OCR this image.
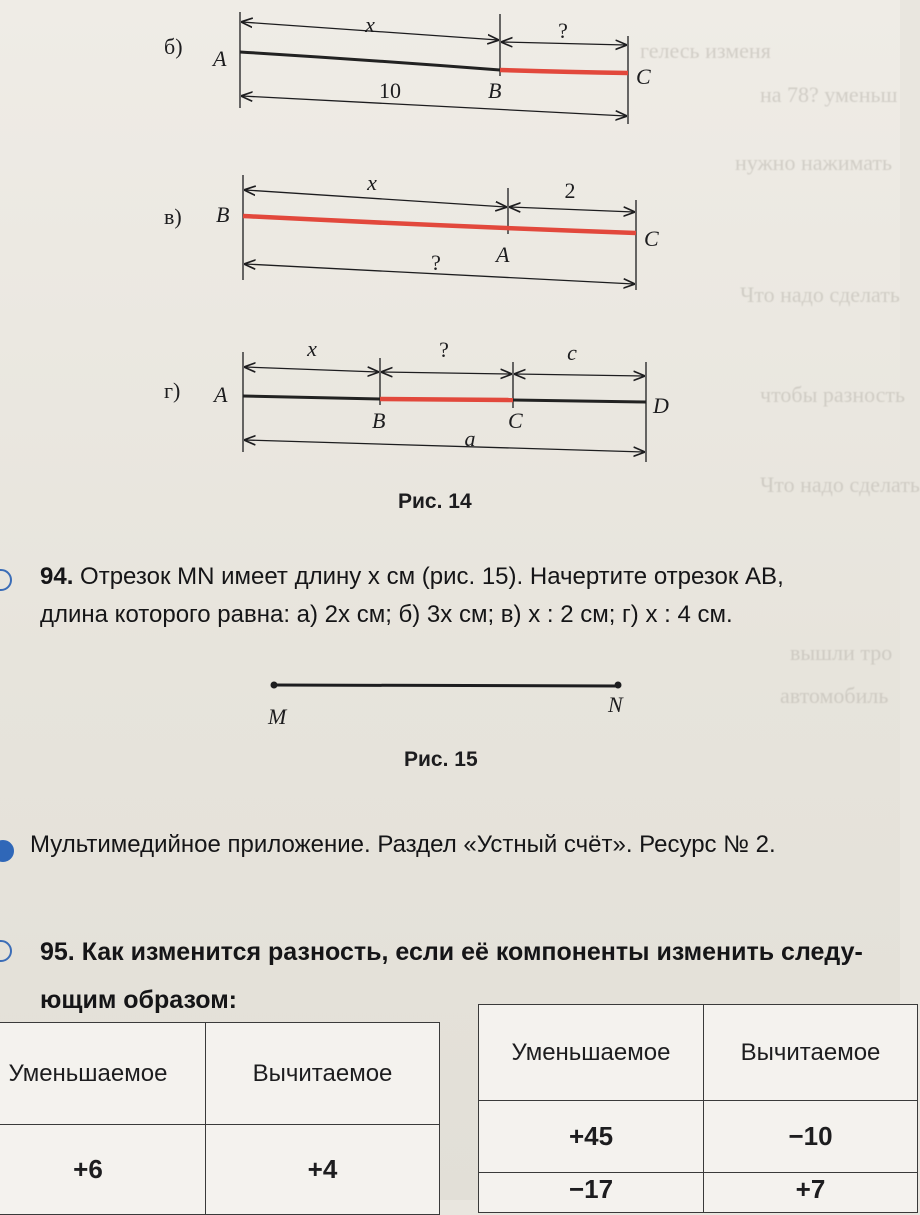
гелесь изменя
на 78? уменьш
нужно нажимать
Что надо сделать
чтобы разность
Что надо сделать
вышли тро
автомобиль
б)
x	?
10
A
B
C
в)
x	2
?
B
A
C
г)
x	?	c
a
A
B	C
D
Рис. 14
94. Отрезок MN имеет длину x см (рис. 15). Начертите отрезок AB,
длина которого равна: а) 2x см; б) 3x см; в) x : 2 см; г) x : 4 см.
M	N
Рис. 15
Мультимедийное приложение. Раздел «Устный счёт». Ресурс № 2.
95. Как изменится разность, если её компоненты изменить следу-
ющим образом:
Уменьшаемое	Вычитаемое
+6	+4
Уменьшаемое	Вычитаемое
+45	−10
−17	+7
